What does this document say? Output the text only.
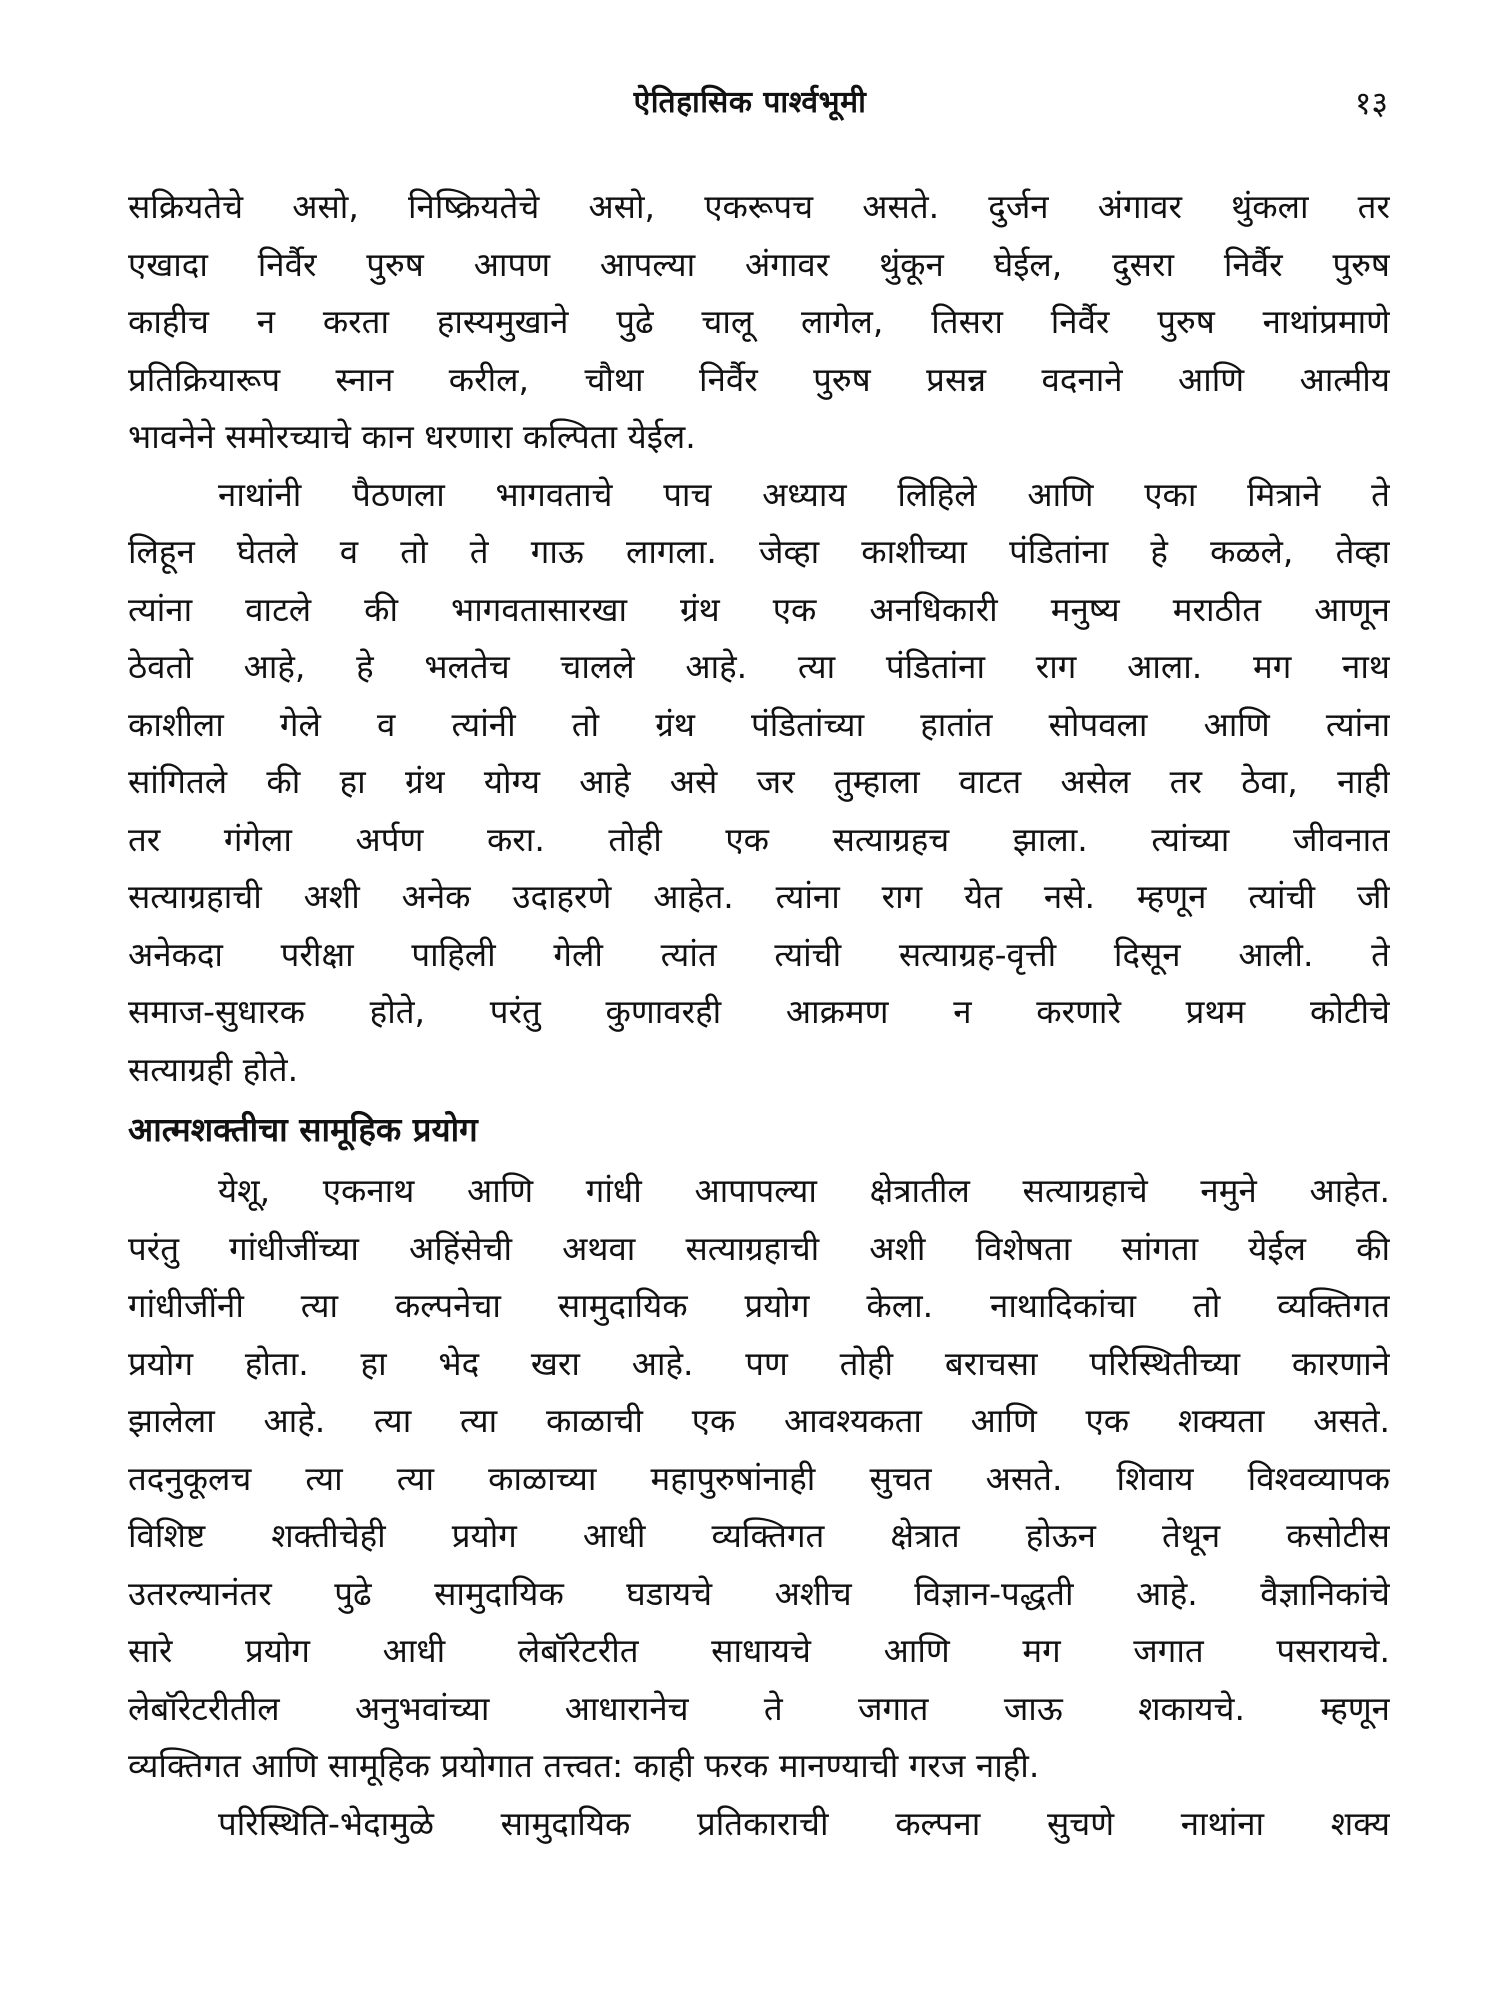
ऐतिहासिक पार्श्वभूमी	१३
सक्रियतेचे असो, निष्क्रियतेचे असो, एकरूपच असते. दुर्जन अंगावर थुंकला तर
एखादा निर्वैर पुरुष आपण आपल्या अंगावर थुंकून घेईल, दुसरा निर्वैर पुरुष
काहीच न करता हास्यमुखाने पुढे चालू लागेल, तिसरा निर्वैर पुरुष नाथांप्रमाणे
प्रतिक्रियारूप स्नान करील, चौथा निर्वैर पुरुष प्रसन्न वदनाने आणि आत्मीय
भावनेने समोरच्याचे कान धरणारा कल्पिता येईल.
नाथांनी पैठणला भागवताचे पाच अध्याय लिहिले आणि एका मित्राने ते
लिहून घेतले व तो ते गाऊ लागला. जेव्हा काशीच्या पंडितांना हे कळले, तेव्हा
त्यांना वाटले की भागवतासारखा ग्रंथ एक अनधिकारी मनुष्य मराठीत आणून
ठेवतो आहे, हे भलतेच चालले आहे. त्या पंडितांना राग आला. मग नाथ
काशीला गेले व त्यांनी तो ग्रंथ पंडितांच्या हातांत सोपवला आणि त्यांना
सांगितले की हा ग्रंथ योग्य आहे असे जर तुम्हाला वाटत असेल तर ठेवा, नाही
तर गंगेला अर्पण करा. तोही एक सत्याग्रहच झाला. त्यांच्या जीवनात
सत्याग्रहाची अशी अनेक उदाहरणे आहेत. त्यांना राग येत नसे. म्हणून त्यांची जी
अनेकदा परीक्षा पाहिली गेली त्यांत त्यांची सत्याग्रह-वृत्ती दिसून आली. ते
समाज-सुधारक होते, परंतु कुणावरही आक्रमण न करणारे प्रथम कोटीचे
सत्याग्रही होते.
आत्मशक्तीचा सामूहिक प्रयोग
येशू, एकनाथ आणि गांधी आपापल्या क्षेत्रातील सत्याग्रहाचे नमुने आहेत.
परंतु गांधीजींच्या अहिंसेची अथवा सत्याग्रहाची अशी विशेषता सांगता येईल की
गांधीजींनी त्या कल्पनेचा सामुदायिक प्रयोग केला. नाथादिकांचा तो व्यक्तिगत
प्रयोग होता. हा भेद खरा आहे. पण तोही बराचसा परिस्थितीच्या कारणाने
झालेला आहे. त्या त्या काळाची एक आवश्यकता आणि एक शक्यता असते.
तदनुकूलच त्या त्या काळाच्या महापुरुषांनाही सुचत असते. शिवाय विश्वव्यापक
विशिष्ट शक्तीचेही प्रयोग आधी व्यक्तिगत क्षेत्रात होऊन तेथून कसोटीस
उतरल्यानंतर पुढे सामुदायिक घडायचे अशीच विज्ञान-पद्धती आहे. वैज्ञानिकांचे
सारे प्रयोग आधी लेबॉरेटरीत साधायचे आणि मग जगात पसरायचे.
लेबॉरेटरीतील अनुभवांच्या आधारानेच ते जगात जाऊ शकायचे. म्हणून
व्यक्तिगत आणि सामूहिक प्रयोगात तत्त्वत: काही फरक मानण्याची गरज नाही.
परिस्थिति-भेदामुळे सामुदायिक प्रतिकाराची कल्पना सुचणे नाथांना शक्य
